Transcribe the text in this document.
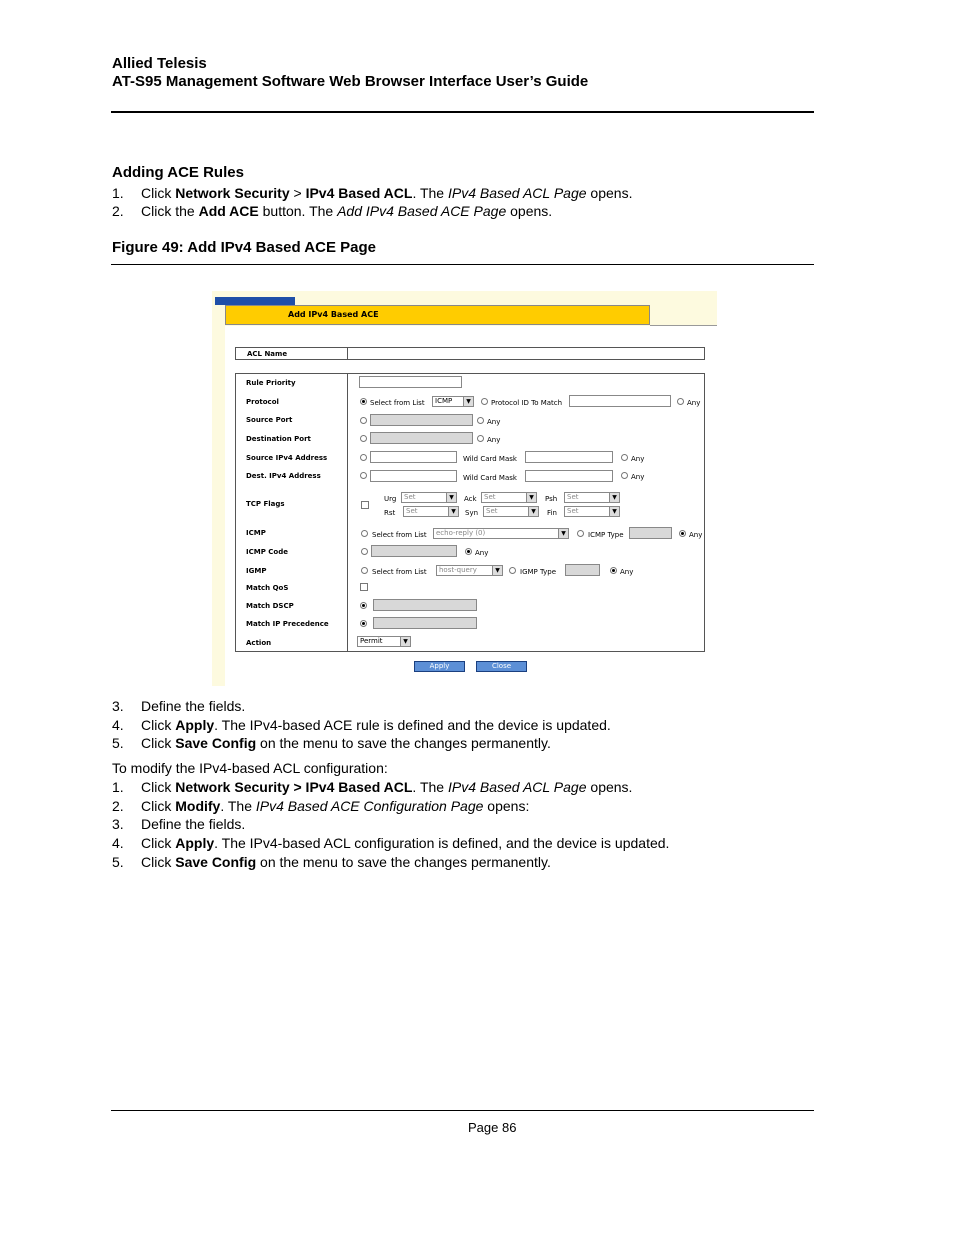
Allied Telesis
AT-S95 Management Software Web Browser Interface User’s Guide
Adding ACE Rules
1. Click Network Security > IPv4 Based ACL. The IPv4 Based ACL Page opens.
2. Click the Add ACE button. The Add IPv4 Based ACE Page opens.
Figure 49: Add IPv4 Based ACE Page
Add IPv4 Based ACE
ACL Name
Rule Priority
Protocol	Select from List	ICMP	▼	Protocol ID To Match	Any
Source Port	Any
Destination Port	Any
Source IPv4 Address	Wild Card Mask	Any
Dest. IPv4 Address	Wild Card Mask	Any
TCP Flags
Urg	Set	▼	Ack	Set	▼	Psh	Set	▼
Rst	Set	▼	Syn	Set	▼	Fin	Set	▼
ICMP	Select from List	echo-reply (0)	▼	ICMP Type	Any
ICMP Code	Any
IGMP	Select from List	host-query	▼	IGMP Type	Any
Match QoS
Match DSCP
Match IP Precedence
Action	Permit	▼
Apply	Close
3. Define the fields.
4. Click Apply. The IPv4-based ACE rule is defined and the device is updated.
5. Click Save Config on the menu to save the changes permanently.
To modify the IPv4-based ACL configuration:
1. Click Network Security > IPv4 Based ACL. The IPv4 Based ACL Page opens.
2. Click Modify. The IPv4 Based ACE Configuration Page opens:
3. Define the fields.
4. Click Apply. The IPv4-based ACL configuration is defined, and the device is updated.
5. Click Save Config on the menu to save the changes permanently.
Page 86
